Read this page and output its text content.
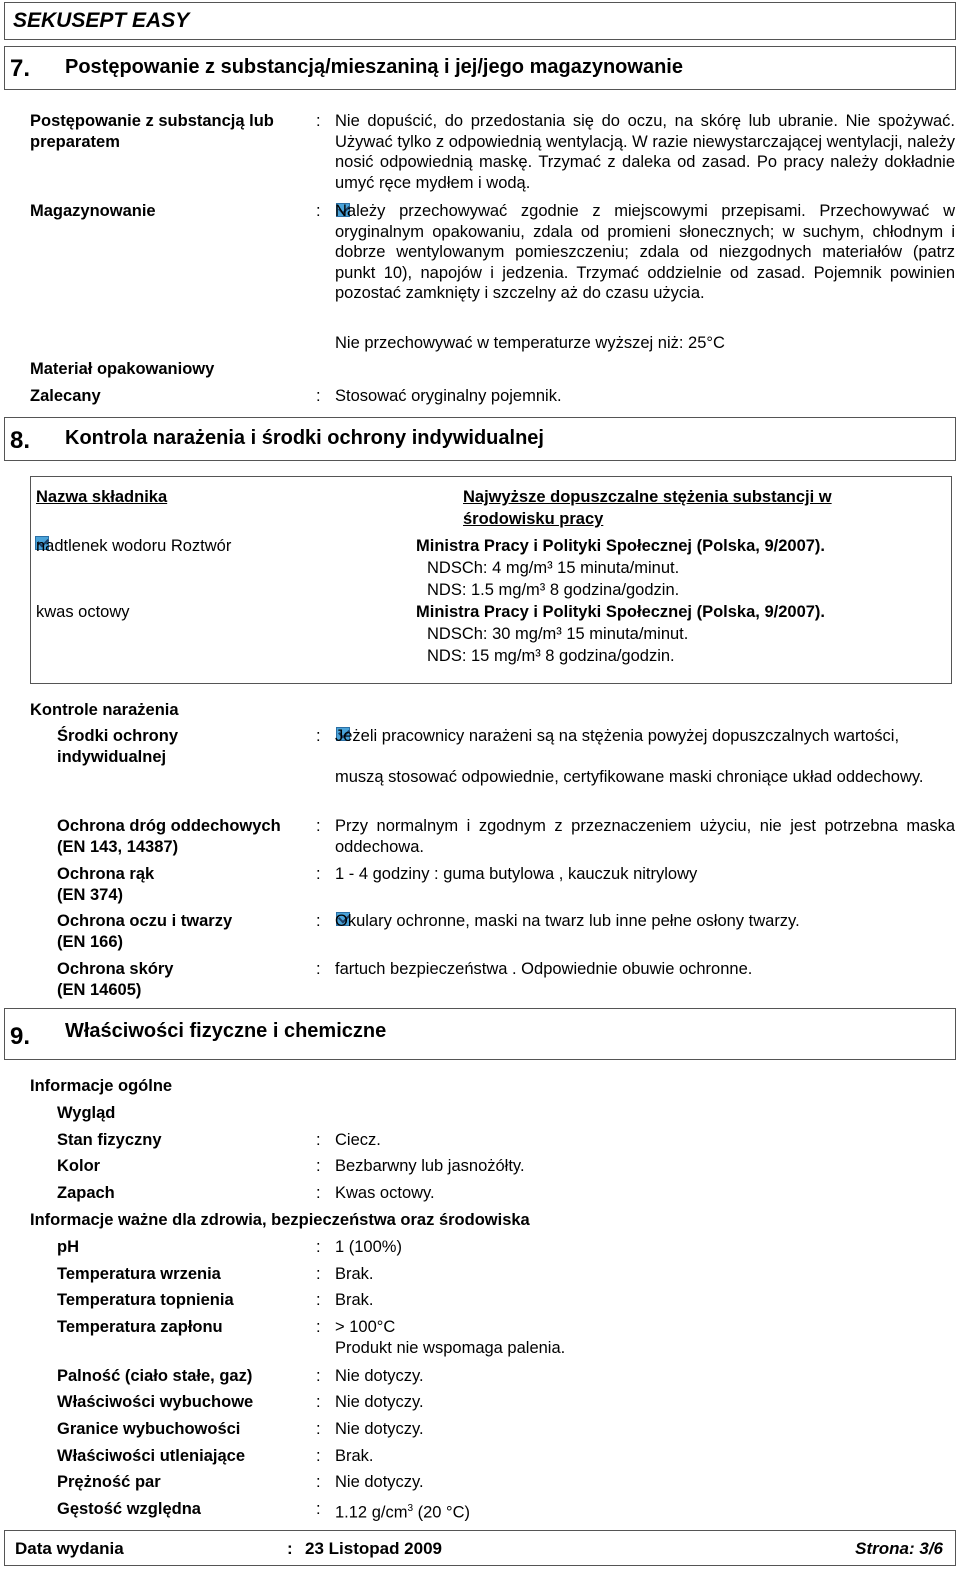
SEKUSEPT EASY
7. Postępowanie z substancją/mieszaniną i jej/jego magazynowanie
Postępowanie z substancją lub
preparatem
: Nie dopuścić, do przedostania się do oczu, na skórę lub ubranie. Nie spożywać. Używać tylko z odpowiednią wentylacją. W razie niewystarczającej wentylacji, należy nosić odpowiednią maskę. Trzymać z daleka od zasad. Po pracy należy dokładnie umyć ręce mydłem i wodą.
Magazynowanie	: Należy przechowywać zgodnie z miejscowymi przepisami. Przechowywać w oryginalnym opakowaniu, zdala od promieni słonecznych; w suchym, chłodnym i dobrze wentylowanym pomieszczeniu; zdala od niezgodnych materiałów (patrz punkt 10), napojów i jedzenia. Trzymać oddzielnie od zasad. Pojemnik powinien pozostać zamknięty i szczelny aż do czasu użycia.
Nie przechowywać w temperaturze wyższej niż: 25°C
Materiał opakowaniowy
Zalecany	: Stosować oryginalny pojemnik.
8. Kontrola narażenia i środki ochrony indywidualnej
Nazwa składnika	Najwyższe dopuszczalne stężenia substancji w
środowisku pracy
nadtlenek wodoru Roztwór	Ministra Pracy i Polityki Społecznej (Polska, 9/2007).
NDSCh: 4 mg/m³ 15 minuta/minut.
NDS: 1.5 mg/m³ 8 godzina/godzin.
kwas octowy	Ministra Pracy i Polityki Społecznej (Polska, 9/2007).
NDSCh: 30 mg/m³ 15 minuta/minut.
NDS: 15 mg/m³ 8 godzina/godzin.
Kontrole narażenia
Środki ochrony
indywidualnej
: Jeżeli pracownicy narażeni są na stężenia powyżej dopuszczalnych wartości,
muszą stosować odpowiednie, certyfikowane maski chroniące układ oddechowy.
Ochrona dróg oddechowych
(EN 143, 14387)
: Przy normalnym i zgodnym z przeznaczeniem użyciu, nie jest potrzebna maska oddechowa.
Ochrona rąk
(EN 374)
: 1 - 4 godziny : guma butylowa , kauczuk nitrylowy
Ochrona oczu i twarzy
(EN 166)
: Okulary ochronne, maski na twarz lub inne pełne osłony twarzy.
Ochrona skóry
(EN 14605)
: fartuch bezpieczeństwa . Odpowiednie obuwie ochronne.
9. Właściwości fizyczne i chemiczne
Informacje ogólne
Wygląd
Stan fizyczny	: Ciecz.
Kolor	: Bezbarwny lub jasnożółty.
Zapach	: Kwas octowy.
Informacje ważne dla zdrowia, bezpieczeństwa oraz środowiska
pH	: 1 (100%)
Temperatura wrzenia	: Brak.
Temperatura topnienia	: Brak.
Temperatura zapłonu	: > 100°C
Produkt nie wspomaga palenia.
Palność (ciało stałe, gaz)	: Nie dotyczy.
Właściwości wybuchowe	: Nie dotyczy.
Granice wybuchowości	: Nie dotyczy.
Właściwości utleniające	: Brak.
Prężność par	: Nie dotyczy.
Gęstość względna	: 1.12 $g/cm^3$ (20 °C)
Data wydania	: 23 Listopad 2009	Strona: 3/6
